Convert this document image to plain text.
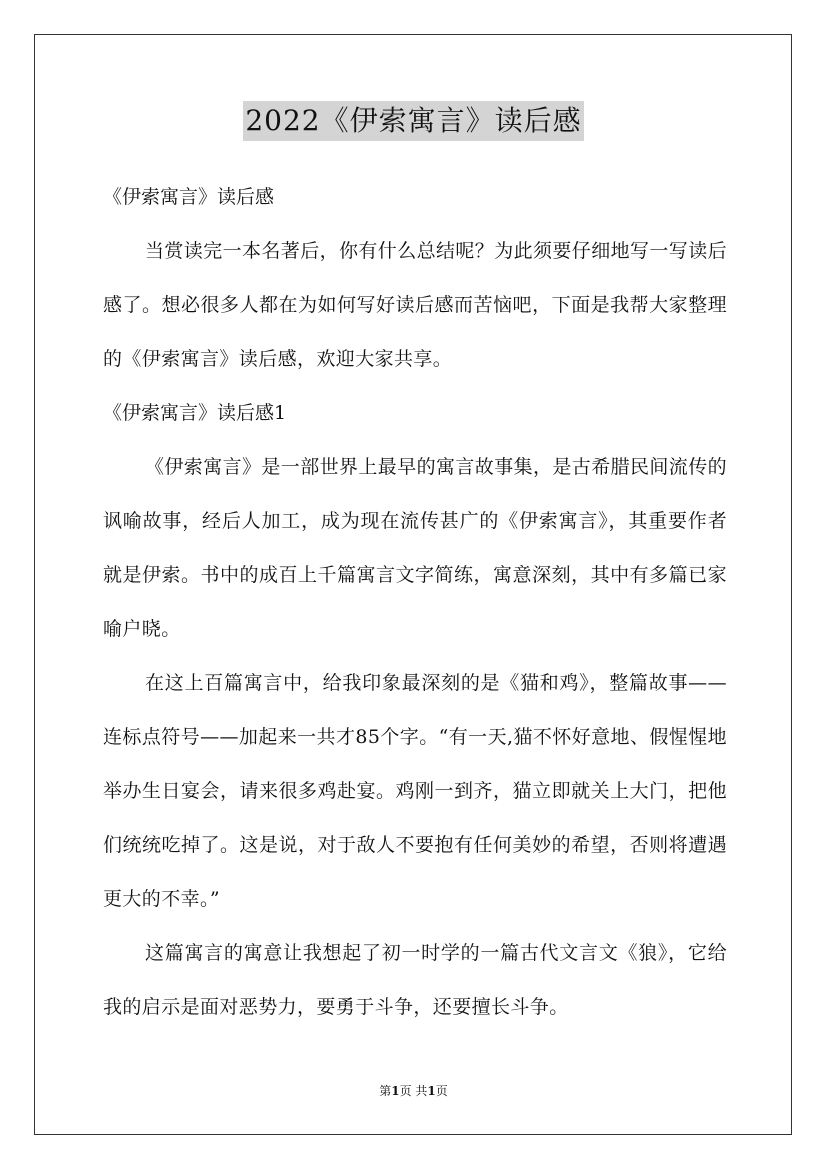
2022《伊索寓言》读后感

《伊索寓言》读后感

当赏读完一本名著后，你有什么总结呢？为此须要仔细地写一写读后感了。想必很多人都在为如何写好读后感而苦恼吧，下面是我帮大家整理的《伊索寓言》读后感，欢迎大家共享。

《伊索寓言》读后感1

《伊索寓言》是一部世界上最早的寓言故事集，是古希腊民间流传的讽喻故事，经后人加工，成为现在流传甚广的《伊索寓言》，其重要作者就是伊索。书中的成百上千篇寓言文字简练，寓意深刻，其中有多篇已家喻户晓。

在这上百篇寓言中，给我印象最深刻的是《猫和鸡》，整篇故事——连标点符号——加起来一共才85个字。“有一天,猫不怀好意地、假惺惺地举办生日宴会，请来很多鸡赴宴。鸡刚一到齐，猫立即就关上大门，把他们统统吃掉了。这是说，对于敌人不要抱有任何美妙的希望，否则将遭遇更大的不幸。”

这篇寓言的寓意让我想起了初一时学的一篇古代文言文《狼》，它给我的启示是面对恶势力，要勇于斗争，还要擅长斗争。

第1页 共1页
